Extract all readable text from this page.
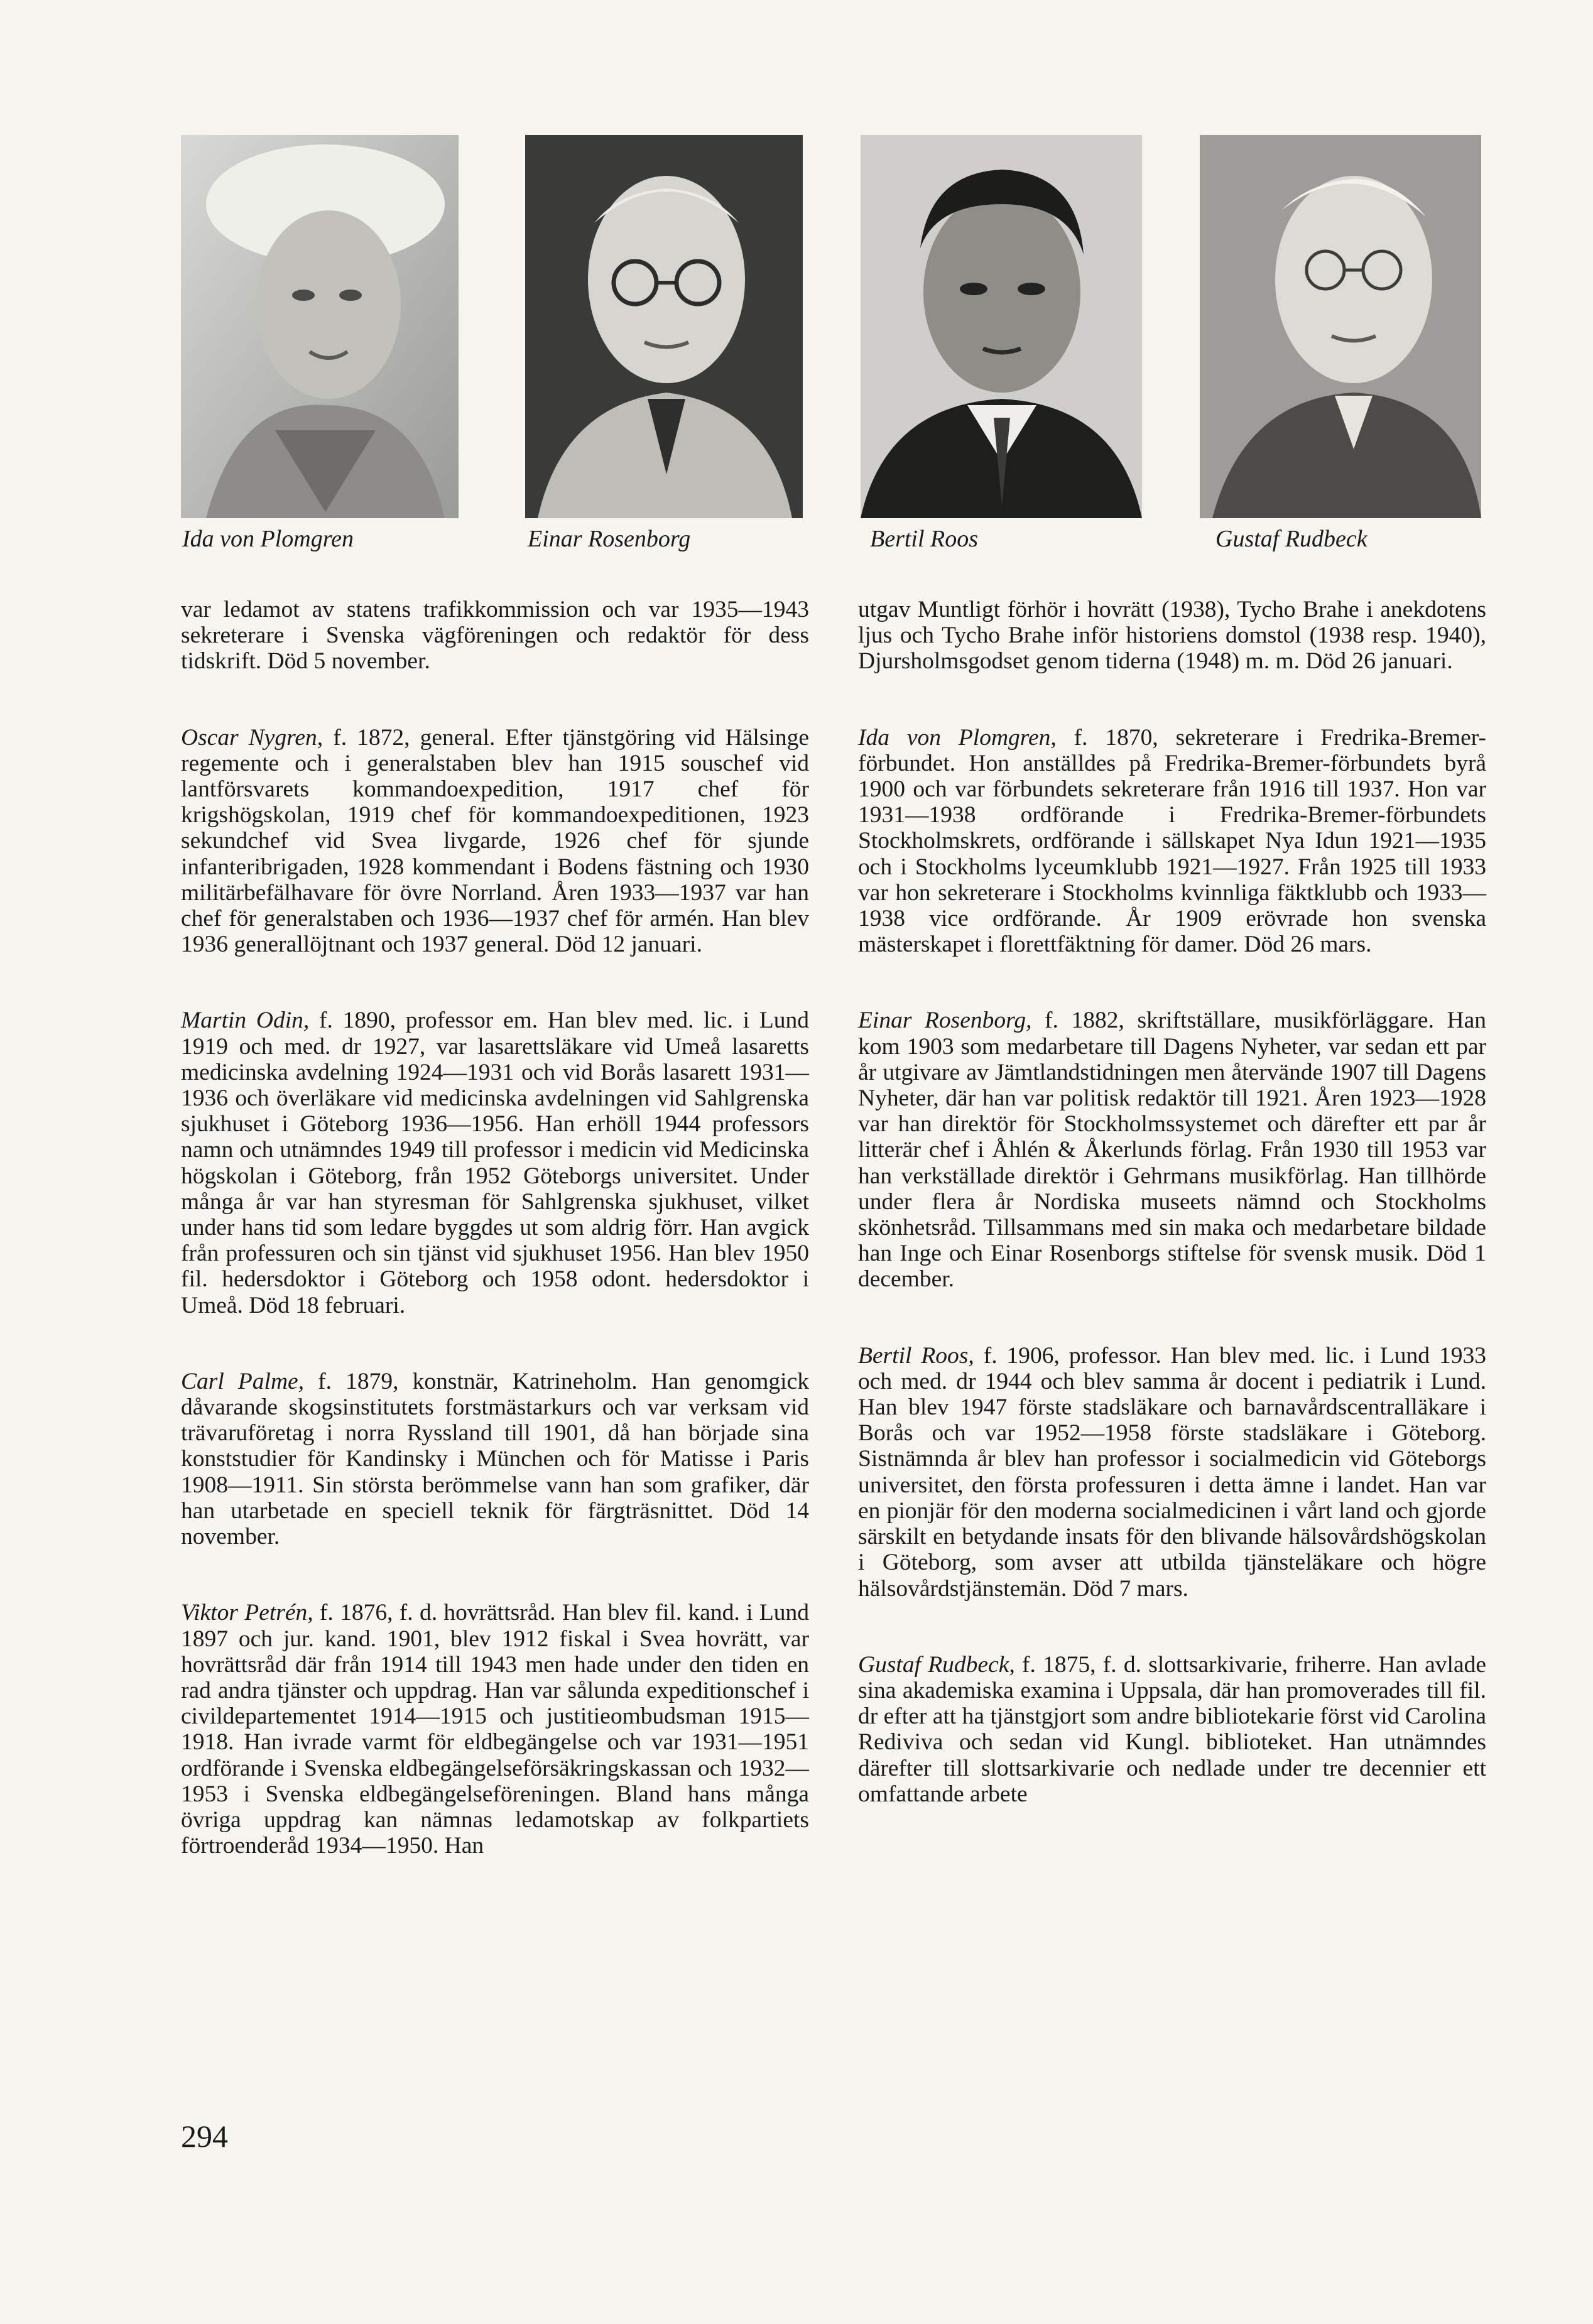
Ida von Plomgren	Einar Rosenborg	Bertil Roos	Gustaf Rudbeck

var ledamot av statens trafikkommission och var 1935—1943 sekreterare i Svenska vägföreningen och redaktör för dess tidskrift. Död 5 november.

Oscar Nygren, f. 1872, general. Efter tjänstgöring vid Hälsinge regemente och i generalstaben blev han 1915 souschef vid lantförsvarets kommandoexpedition, 1917 chef för krigshögskolan, 1919 chef för kommandoexpeditionen, 1923 sekundchef vid Svea livgarde, 1926 chef för sjunde infanteribrigaden, 1928 kommendant i Bodens fästning och 1930 militärbefälhavare för övre Norrland. Åren 1933—1937 var han chef för generalstaben och 1936—1937 chef för armén. Han blev 1936 generallöjtnant och 1937 general. Död 12 januari.

Martin Odin, f. 1890, professor em. Han blev med. lic. i Lund 1919 och med. dr 1927, var lasarettsläkare vid Umeå lasaretts medicinska avdelning 1924—1931 och vid Borås lasarett 1931—1936 och överläkare vid medicinska avdelningen vid Sahlgrenska sjukhuset i Göteborg 1936—1956. Han erhöll 1944 professors namn och utnämndes 1949 till professor i medicin vid Medicinska högskolan i Göteborg, från 1952 Göteborgs universitet. Under många år var han styresman för Sahlgrenska sjukhuset, vilket under hans tid som ledare byggdes ut som aldrig förr. Han avgick från professuren och sin tjänst vid sjukhuset 1956. Han blev 1950 fil. hedersdoktor i Göteborg och 1958 odont. hedersdoktor i Umeå. Död 18 februari.

Carl Palme, f. 1879, konstnär, Katrineholm. Han genomgick dåvarande skogsinstitutets forstmästarkurs och var verksam vid trävaruföretag i norra Ryssland till 1901, då han började sina konststudier för Kandinsky i München och för Matisse i Paris 1908—1911. Sin största berömmelse vann han som grafiker, där han utarbetade en speciell teknik för färgträsnittet. Död 14 november.

Viktor Petrén, f. 1876, f. d. hovrättsråd. Han blev fil. kand. i Lund 1897 och jur. kand. 1901, blev 1912 fiskal i Svea hovrätt, var hovrättsråd där från 1914 till 1943 men hade under den tiden en rad andra tjänster och uppdrag. Han var sålunda expeditionschef i civildepartementet 1914—1915 och justitieombudsman 1915—1918. Han ivrade varmt för eldbegängelse och var 1931—1951 ordförande i Svenska eldbegängelseförsäkringskassan och 1932—1953 i Svenska eldbegängelseföreningen. Bland hans många övriga uppdrag kan nämnas ledamotskap av folkpartiets förtroenderåd 1934—1950. Han

utgav Muntligt förhör i hovrätt (1938), Tycho Brahe i anekdotens ljus och Tycho Brahe inför historiens domstol (1938 resp. 1940), Djursholmsgodset genom tiderna (1948) m. m. Död 26 januari.

Ida von Plomgren, f. 1870, sekreterare i Fredrika-Bremer-förbundet. Hon anställdes på Fredrika-Bremer-förbundets byrå 1900 och var förbundets sekreterare från 1916 till 1937. Hon var 1931—1938 ordförande i Fredrika-Bremer-förbundets Stockholmskrets, ordförande i sällskapet Nya Idun 1921—1935 och i Stockholms lyceumklubb 1921—1927. Från 1925 till 1933 var hon sekreterare i Stockholms kvinnliga fäktklubb och 1933—1938 vice ordförande. År 1909 erövrade hon svenska mästerskapet i florettfäktning för damer. Död 26 mars.

Einar Rosenborg, f. 1882, skriftställare, musikförläggare. Han kom 1903 som medarbetare till Dagens Nyheter, var sedan ett par år utgivare av Jämtlandstidningen men återvände 1907 till Dagens Nyheter, där han var politisk redaktör till 1921. Åren 1923—1928 var han direktör för Stockholmssystemet och därefter ett par år litterär chef i Åhlén & Åkerlunds förlag. Från 1930 till 1953 var han verkställade direktör i Gehrmans musikförlag. Han tillhörde under flera år Nordiska museets nämnd och Stockholms skönhetsråd. Tillsammans med sin maka och medarbetare bildade han Inge och Einar Rosenborgs stiftelse för svensk musik. Död 1 december.

Bertil Roos, f. 1906, professor. Han blev med. lic. i Lund 1933 och med. dr 1944 och blev samma år docent i pediatrik i Lund. Han blev 1947 förste stadsläkare och barnavårdscentralläkare i Borås och var 1952—1958 förste stadsläkare i Göteborg. Sistnämnda år blev han professor i socialmedicin vid Göteborgs universitet, den första professuren i detta ämne i landet. Han var en pionjär för den moderna socialmedicinen i vårt land och gjorde särskilt en betydande insats för den blivande hälsovårdshögskolan i Göteborg, som avser att utbilda tjänsteläkare och högre hälsovårdstjänstemän. Död 7 mars.

Gustaf Rudbeck, f. 1875, f. d. slottsarkivarie, friherre. Han avlade sina akademiska examina i Uppsala, där han promoverades till fil. dr efter att ha tjänstgjort som andre bibliotekarie först vid Carolina Rediviva och sedan vid Kungl. biblioteket. Han utnämndes därefter till slottsarkivarie och nedlade under tre decennier ett omfattande arbete

294
